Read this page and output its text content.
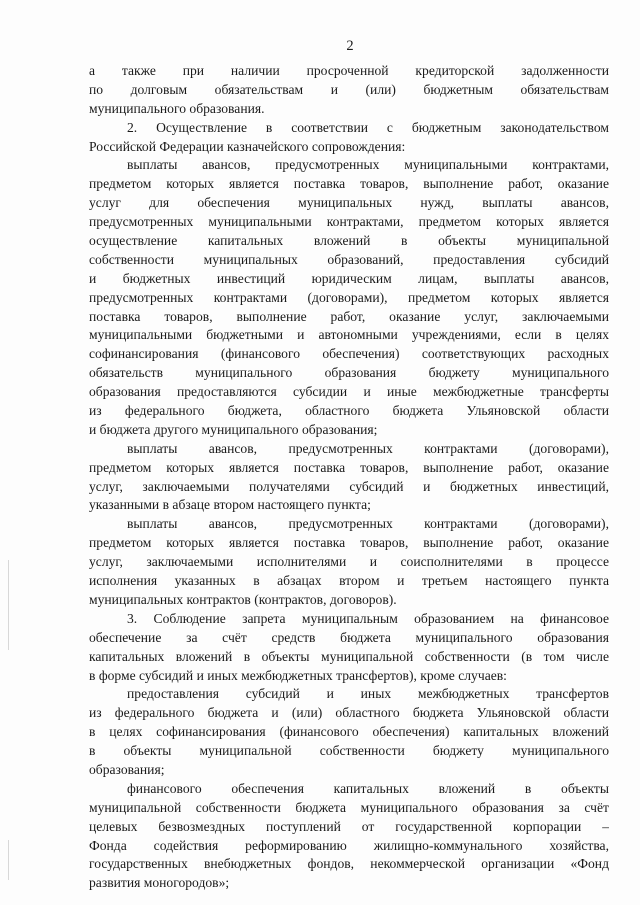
2
а также при наличии просроченной кредиторской задолженности
по долговым обязательствам и (или) бюджетным обязательствам
муниципального образования.
2. Осуществление в соответствии с бюджетным законодательством
Российской Федерации казначейского сопровождения:
выплаты авансов, предусмотренных муниципальными контрактами,
предметом которых является поставка товаров, выполнение работ, оказание
услуг для обеспечения муниципальных нужд, выплаты авансов,
предусмотренных муниципальными контрактами, предметом которых является
осуществление капитальных вложений в объекты муниципальной
собственности муниципальных образований, предоставления субсидий
и бюджетных инвестиций юридическим лицам, выплаты авансов,
предусмотренных контрактами (договорами), предметом которых является
поставка товаров, выполнение работ, оказание услуг, заключаемыми
муниципальными бюджетными и автономными учреждениями, если в целях
софинансирования (финансового обеспечения) соответствующих расходных
обязательств муниципального образования бюджету муниципального
образования предоставляются субсидии и иные межбюджетные трансферты
из федерального бюджета, областного бюджета Ульяновской области
и бюджета другого муниципального образования;
выплаты авансов, предусмотренных контрактами (договорами),
предметом которых является поставка товаров, выполнение работ, оказание
услуг, заключаемыми получателями субсидий и бюджетных инвестиций,
указанными в абзаце втором настоящего пункта;
выплаты авансов, предусмотренных контрактами (договорами),
предметом которых является поставка товаров, выполнение работ, оказание
услуг, заключаемыми исполнителями и соисполнителями в процессе
исполнения указанных в абзацах втором и третьем настоящего пункта
муниципальных контрактов (контрактов, договоров).
3. Соблюдение запрета муниципальным образованием на финансовое
обеспечение за счёт средств бюджета муниципального образования
капитальных вложений в объекты муниципальной собственности (в том числе
в форме субсидий и иных межбюджетных трансфертов), кроме случаев:
предоставления субсидий и иных межбюджетных трансфертов
из федерального бюджета и (или) областного бюджета Ульяновской области
в целях софинансирования (финансового обеспечения) капитальных вложений
в объекты муниципальной собственности бюджету муниципального
образования;
финансового обеспечения капитальных вложений в объекты
муниципальной собственности бюджета муниципального образования за счёт
целевых безвозмездных поступлений от государственной корпорации –
Фонда содействия реформированию жилищно-коммунального хозяйства,
государственных внебюджетных фондов, некоммерческой организации «Фонд
развития моногородов»;
